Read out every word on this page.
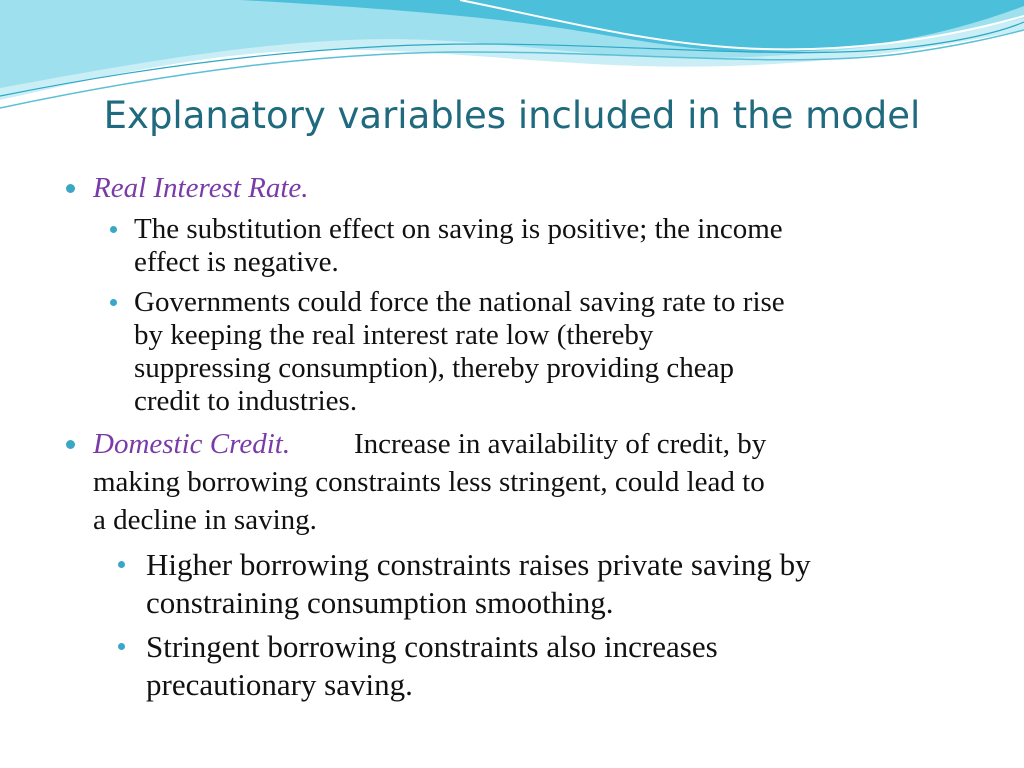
Explanatory variables included in the model
Real Interest Rate.
The substitution effect on saving is positive; the income
effect is negative.
Governments could force the national saving rate to rise
by keeping the real interest rate low (thereby
suppressing consumption), thereby providing cheap
credit to industries.
Domestic Credit. Increase in availability of credit, by
making borrowing constraints less stringent, could lead to
a decline in saving.
Higher borrowing constraints raises private saving by
constraining consumption smoothing.
Stringent borrowing constraints also increases
precautionary saving.
